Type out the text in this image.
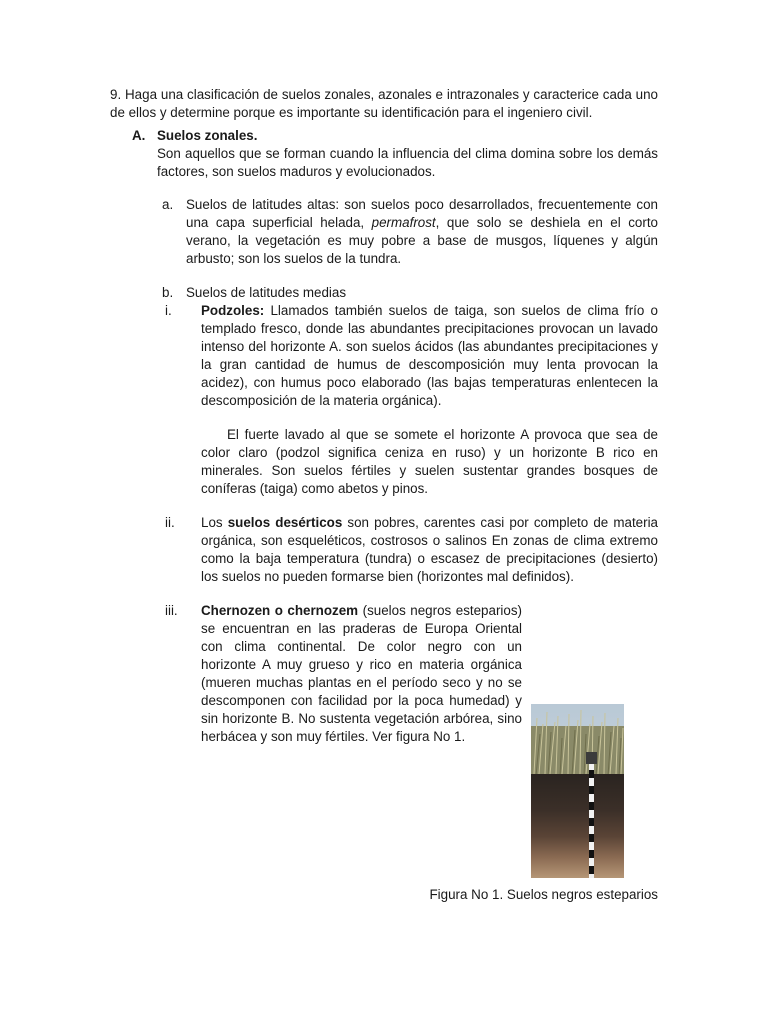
9. Haga una clasificación de suelos zonales, azonales e intrazonales y caracterice cada uno de ellos y determine porque es importante su identificación para el ingeniero civil.

A. Suelos zonales.

Son aquellos que se forman cuando la influencia del clima domina sobre los demás factores, son suelos maduros y evolucionados.

a. Suelos de latitudes altas: son suelos poco desarrollados, frecuentemente con una capa superficial helada, permafrost, que solo se deshiela en el corto verano, la vegetación es muy pobre a base de musgos, líquenes y algún arbusto; son los suelos de la tundra.

b. Suelos de latitudes medias
i.	Podzoles: Llamados también suelos de taiga, son suelos de clima frío o templado fresco, donde las abundantes precipitaciones provocan un lavado intenso del horizonte A. son suelos ácidos (las abundantes precipitaciones y la gran cantidad de humus de descomposición muy lenta provocan la acidez), con humus poco elaborado (las bajas temperaturas enlentecen la descomposición de la materia orgánica).

El fuerte lavado al que se somete el horizonte A provoca que sea de color claro (podzol significa ceniza en ruso) y un horizonte B rico en minerales. Son suelos fértiles y suelen sustentar grandes bosques de coníferas (taiga) como abetos y pinos.

ii.	Los suelos desérticos son pobres, carentes casi por completo de materia orgánica, son esqueléticos, costrosos o salinos En zonas de clima extremo como la baja temperatura (tundra) o escasez de precipitaciones (desierto) los suelos no pueden formarse bien (horizontes mal definidos).

iii.	Chernozen o chernozem (suelos negros esteparios) se encuentran en las praderas de Europa Oriental con clima continental. De color negro con un horizonte A muy grueso y rico en materia orgánica (mueren muchas plantas en el período seco y no se descomponen con facilidad por la poca humedad) y sin horizonte B. No sustenta vegetación arbórea, sino herbácea y son muy fértiles. Ver figura No 1.

Figura No 1. Suelos negros esteparios
